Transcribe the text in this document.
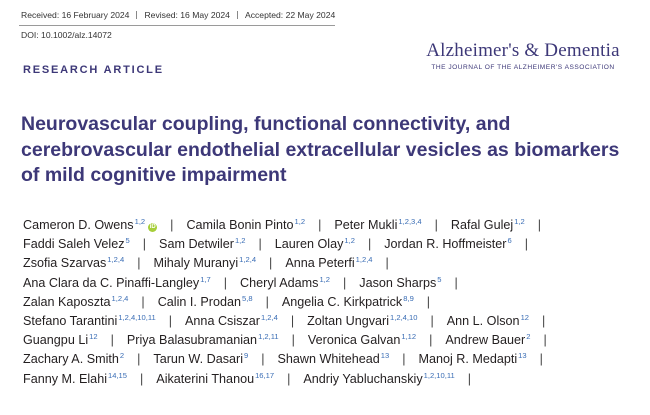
Received: 16 February 2024 Revised: 16 May 2024 Accepted: 22 May 2024
DOI: 10.1002/alz.14072
RESEARCH ARTICLE
Alzheimer's & Dementia
THE JOURNAL OF THE ALZHEIMER'S ASSOCIATION
Neurovascular coupling, functional connectivity, and cerebrovascular endothelial extracellular vesicles as biomarkers of mild cognitive impairment
Cameron D. Owens$^{1,2}$iD | Camila Bonin Pinto$^{1,2}$ | Peter Mukli$^{1,2,3,4}$ | Rafal Gulej$^{1,2}$ |
Faddi Saleh Velez$^5$ | Sam Detwiler$^{1,2}$ | Lauren Olay$^{1,2}$ | Jordan R. Hoffmeister$^6$ |
Zsofia Szarvas$^{1,2,4}$ | Mihaly Muranyi$^{1,2,4}$ | Anna Peterfi$^{1,2,4}$ |
Ana Clara da C. Pinaffi-Langley$^{1,7}$ | Cheryl Adams$^{1,2}$ | Jason Sharps$^5$ |
Zalan Kaposzta$^{1,2,4}$ | Calin I. Prodan$^{5,8}$ | Angelia C. Kirkpatrick$^{8,9}$ |
Stefano Tarantini$^{1,2,4,10,11}$ | Anna Csiszar$^{1,2,4}$ | Zoltan Ungvari$^{1,2,4,10}$ | Ann L. Olson$^{12}$ |
Guangpu Li$^{12}$ | Priya Balasubramanian$^{1,2,11}$ | Veronica Galvan$^{1,12}$ | Andrew Bauer$^2$ |
Zachary A. Smith$^2$ | Tarun W. Dasari$^9$ | Shawn Whitehead$^{13}$ | Manoj R. Medapti$^{13}$ |
Fanny M. Elahi$^{14,15}$ | Aikaterini Thanou$^{16,17}$ | Andriy Yabluchanskiy$^{1,2,10,11}$ |
